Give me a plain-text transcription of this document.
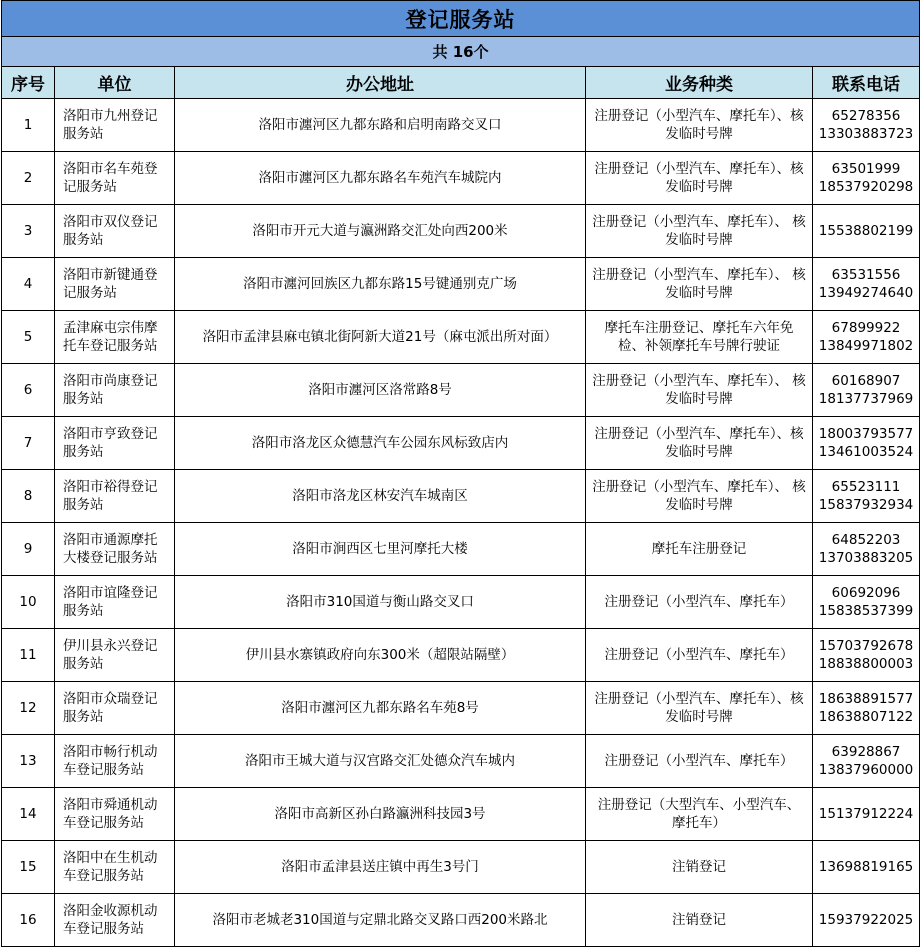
登记服务站				
共 16个				
序号	单位	办公地址	业务种类	联系电话
1	洛阳市九州登记服务站	洛阳市瀍河区九都东路和启明南路交叉口	注册登记（小型汽车、摩托车）、核发临时号牌	65278356
13303883723

2	洛阳市名车苑登记服务站	洛阳市瀍河区九都东路名车苑汽车城院内	注册登记（小型汽车、摩托车）、核发临时号牌	63501999
18537920298

3	洛阳市双仪登记服务站	洛阳市开元大道与瀛洲路交汇处向西200米	注册登记（小型汽车、摩托车）、 核发临时号牌	15538802199

4	洛阳市新键通登记服务站	洛阳市瀍河回族区九都东路15号键通别克广场	注册登记（小型汽车、摩托车）、 核发临时号牌	63531556
13949274640

5	孟津麻屯宗伟摩托车登记服务站	洛阳市孟津县麻屯镇北街阿新大道21号（麻屯派出所对面）	摩托车注册登记、摩托车六年免检、补领摩托车号牌行驶证	67899922
13849971802

6	洛阳市尚康登记服务站	洛阳市瀍河区洛常路8号	注册登记（小型汽车、摩托车）、 核发临时号牌	60168907
18137737969

7	洛阳市亨致登记服务站	洛阳市洛龙区众德慧汽车公园东风标致店内	注册登记（小型汽车、摩托车）、核发临时号牌	18003793577
13461003524

8	洛阳市裕得登记服务站	洛阳市洛龙区林安汽车城南区	注册登记（小型汽车、摩托车）、 核发临时号牌	65523111
15837932934

9	洛阳市通源摩托大楼登记服务站	洛阳市涧西区七里河摩托大楼	摩托车注册登记	64852203
13703883205

10	洛阳市谊隆登记服务站	洛阳市310国道与衡山路交叉口	注册登记（小型汽车、摩托车）	60692096
15838537399

11	伊川县永兴登记服务站	伊川县水寨镇政府向东300米（超限站隔壁）	注册登记（小型汽车、摩托车）	15703792678
18838800003

12	洛阳市众瑞登记服务站	洛阳市瀍河区九都东路名车苑8号	注册登记（小型汽车、摩托车）、核发临时号牌	18638891577
18638807122

13	洛阳市畅行机动车登记服务站	洛阳市王城大道与汉宫路交汇处德众汽车城内	注册登记（小型汽车、摩托车）	63928867
13837960000

14	洛阳市舜通机动车登记服务站	洛阳市高新区孙白路瀛洲科技园3号	注册登记（大型汽车、小型汽车、摩托车）	15137912224

15	洛阳中在生机动车登记服务站	洛阳市孟津县送庄镇中再生3号门	注销登记	13698819165

16	洛阳金收源机动车登记服务站	洛阳市老城老310国道与定鼎北路交叉路口西200米路北	注销登记	15937922025
